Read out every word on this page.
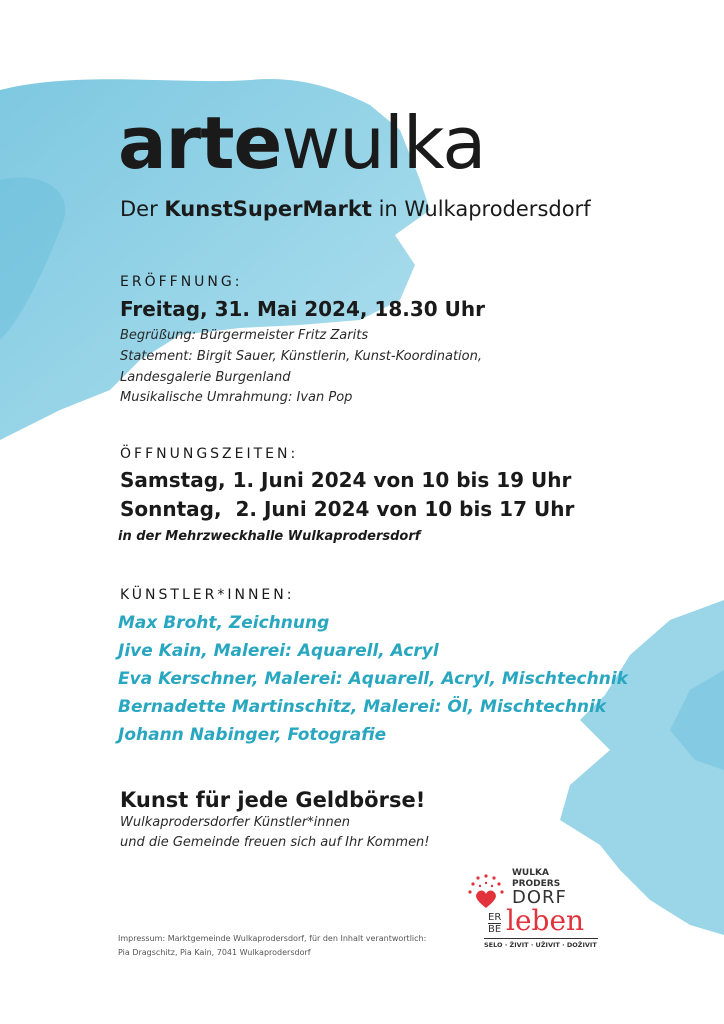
artewulka
Der KunstSuperMarkt in Wulkaprodersdorf
ERÖFFNUNG:
Freitag, 31. Mai 2024, 18.30 Uhr
Begrüßung: Bürgermeister Fritz Zarits
Statement: Birgit Sauer, Künstlerin, Kunst-Koordination,
Landesgalerie Burgenland
Musikalische Umrahmung: Ivan Pop
ÖFFNUNGSZEITEN:
Samstag, 1. Juni 2024 von 10 bis 19 Uhr
Sonntag,  2. Juni 2024 von 10 bis 17 Uhr
in der Mehrzweckhalle Wulkaprodersdorf
KÜNSTLER*INNEN:
Max Broht, Zeichnung
Jive Kain, Malerei: Aquarell, Acryl
Eva Kerschner, Malerei: Aquarell, Acryl, Mischtechnik
Bernadette Martinschitz, Malerei: Öl, Mischtechnik
Johann Nabinger, Fotografie
Kunst für jede Geldbörse!
Wulkaprodersdorfer Künstler*innen
und die Gemeinde freuen sich auf Ihr Kommen!
Impressum: Marktgemeinde Wulkaprodersdorf, für den Inhalt verantwortlich:
Pia Dragschitz, Pia Kain, 7041 Wulkaprodersdorf
WULKA
PRODERS
DORF
ER
BE leben
SELO · ŽIVIT · UŽIVIT · DOŽIVIT
